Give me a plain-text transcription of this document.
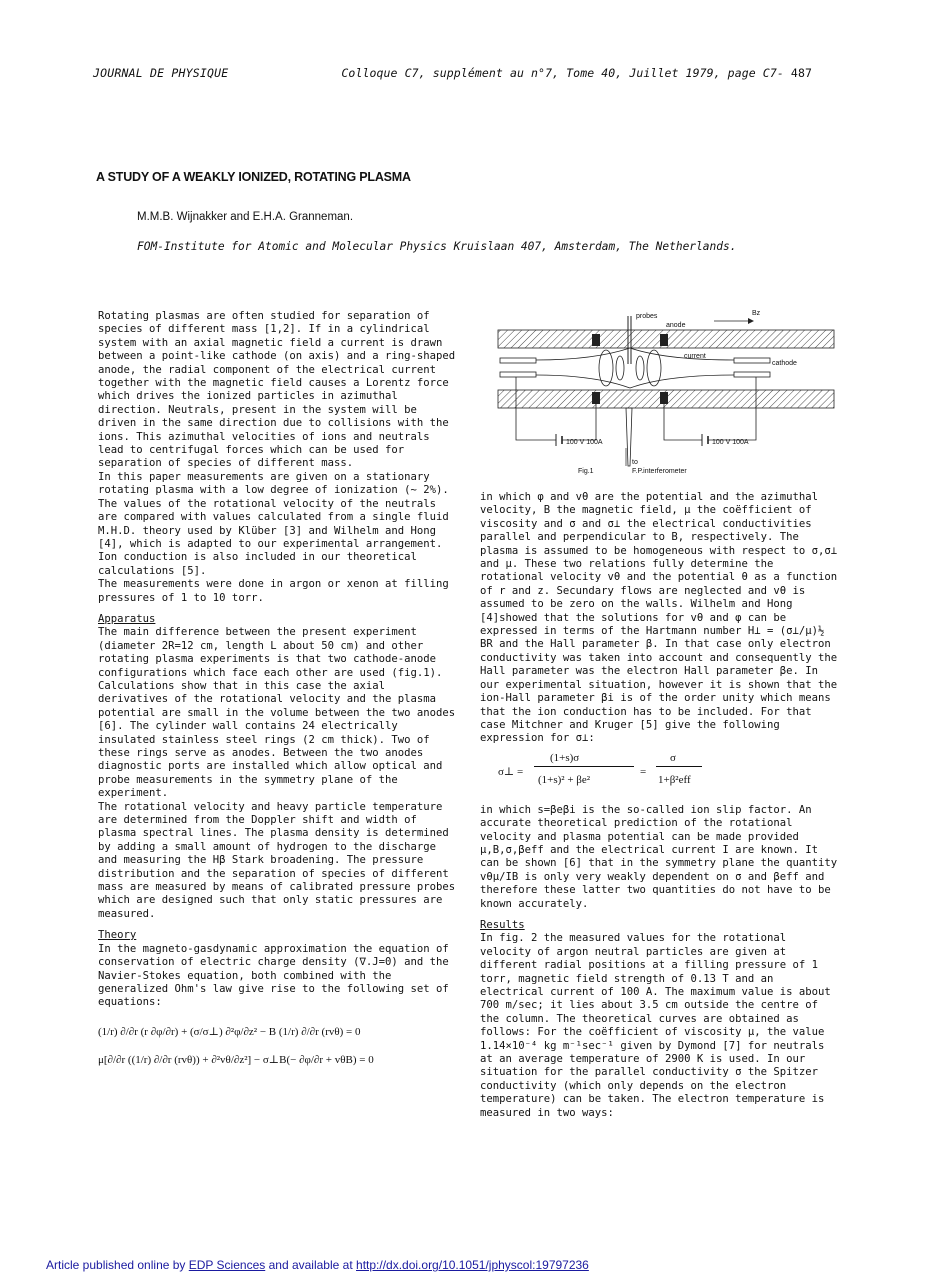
JOURNAL DE PHYSIQUE	Colloque C7, supplément au n°7, Tome 40, Juillet 1979, page C7- 487
A STUDY OF A WEAKLY IONIZED, ROTATING PLASMA
M.M.B. Wijnakker and E.H.A. Granneman.
FOM-Institute for Atomic and Molecular Physics Kruislaan 407, Amsterdam, The Netherlands.

Rotating plasmas are often studied for separation of species of different mass [1,2]. If in a cylindrical system with an axial magnetic field a current is drawn between a point-like cathode (on axis) and a ring-shaped anode, the radial component of the electrical current together with the magnetic field causes a Lorentz force which drives the ionized particles in azimuthal direction. Neutrals, present in the system will be driven in the same direction due to collisions with the ions. This azimuthal velocities of ions and neutrals lead to centrifugal forces which can be used for separation of species of different mass.

In this paper measurements are given on a stationary rotating plasma with a low degree of ionization (~ 2%). The values of the rotational velocity of the neutrals are compared with values calculated from a single fluid M.H.D. theory used by Klüber [3] and Wilhelm and Hong [4], which is adapted to our experimental arrangement. Ion conduction is also included in our theoretical calculations [5].

The measurements were done in argon or xenon at filling pressures of 1 to 10 torr.

Apparatus

The main difference between the present experiment (diameter 2R=12 cm, length L about 50 cm) and other rotating plasma experiments is that two cathode-anode configurations which face each other are used (fig.1). Calculations show that in this case the axial derivatives of the rotational velocity and the plasma potential are small in the volume between the two anodes [6]. The cylinder wall contains 24 electrically insulated stainless steel rings (2 cm thick). Two of these rings serve as anodes. Between the two anodes diagnostic ports are installed which allow optical and probe measurements in the symmetry plane of the experiment.

The rotational velocity and heavy particle temperature are determined from the Doppler shift and width of plasma spectral lines. The plasma density is determined by adding a small amount of hydrogen to the discharge and measuring the Hβ Stark broadening. The pressure distribution and the separation of species of different mass are measured by means of calibrated pressure probes which are designed such that only static pressures are measured.

Theory

In the magneto-gasdynamic approximation the equation of conservation of electric charge density (∇.J=0) and the Navier-Stokes equation, both combined with the generalized Ohm's law give rise to the following set of equations:

(1/r) ∂/∂r (r ∂φ/∂r) + (σ/σ⊥) ∂²φ/∂z² − B (1/r) ∂/∂r (rvθ) = 0
μ[∂/∂r ((1/r) ∂/∂r (rvθ)) + ∂²vθ/∂z²] − σ⊥B(− ∂φ/∂r + vθB) = 0
probes
anode
Bz
current
cathode
100 V 100A	100 V 100A
to
F.P.interferometer
Fig.1

in which φ and vθ are the potential and the azimuthal velocity, B the magnetic field, μ the coëfficient of viscosity and σ and σ⊥ the electrical conductivities parallel and perpendicular to B, respectively. The plasma is assumed to be homogeneous with respect to σ,σ⊥ and μ. These two relations fully determine the rotational velocity vθ and the potential θ as a function of r and z. Secundary flows are neglected and vθ is assumed to be zero on the walls. Wilhelm and Hong [4]showed that the solutions for vθ and φ can be expressed in terms of the Hartmann number H⊥ = (σ⊥/μ)½ BR and the Hall parameter β. In that case only electron conductivity was taken into account and consequently the Hall parameter was the electron Hall parameter βe. In our experimental situation, however it is shown that the ion-Hall parameter βi is of the order unity which means that the ion conduction has to be included. For that case Mitchner and Kruger [5] give the following expression for σ⊥:

σ⊥ =
(1+s)σ
(1+s)² + βe²
=
σ
1+β²eff

in which s=βeβi is the so-called ion slip factor. An accurate theoretical prediction of the rotational velocity and plasma potential can be made provided μ,B,σ,βeff and the electrical current I are known. It can be shown [6] that in the symmetry plane the quantity vθμ/IB is only very weakly dependent on σ and βeff and therefore these latter two quantities do not have to be known accurately.

Results

In fig. 2 the measured values for the rotational velocity of argon neutral particles are given at different radial positions at a filling pressure of 1 torr, magnetic field strength of 0.13 T and an electrical current of 100 A. The maximum value is about 700 m/sec; it lies about 3.5 cm outside the centre of the column. The theoretical curves are obtained as follows: For the coëfficient of viscosity μ, the value 1.14×10⁻⁴ kg m⁻¹sec⁻¹ given by Dymond [7] for neutrals at an average temperature of 2900 K is used. In our situation for the parallel conductivity σ the Spitzer conductivity (which only depends on the electron temperature) can be taken. The electron temperature is measured in two ways:

Article published online by EDP Sciences and available at http://dx.doi.org/10.1051/jphyscol:19797236
